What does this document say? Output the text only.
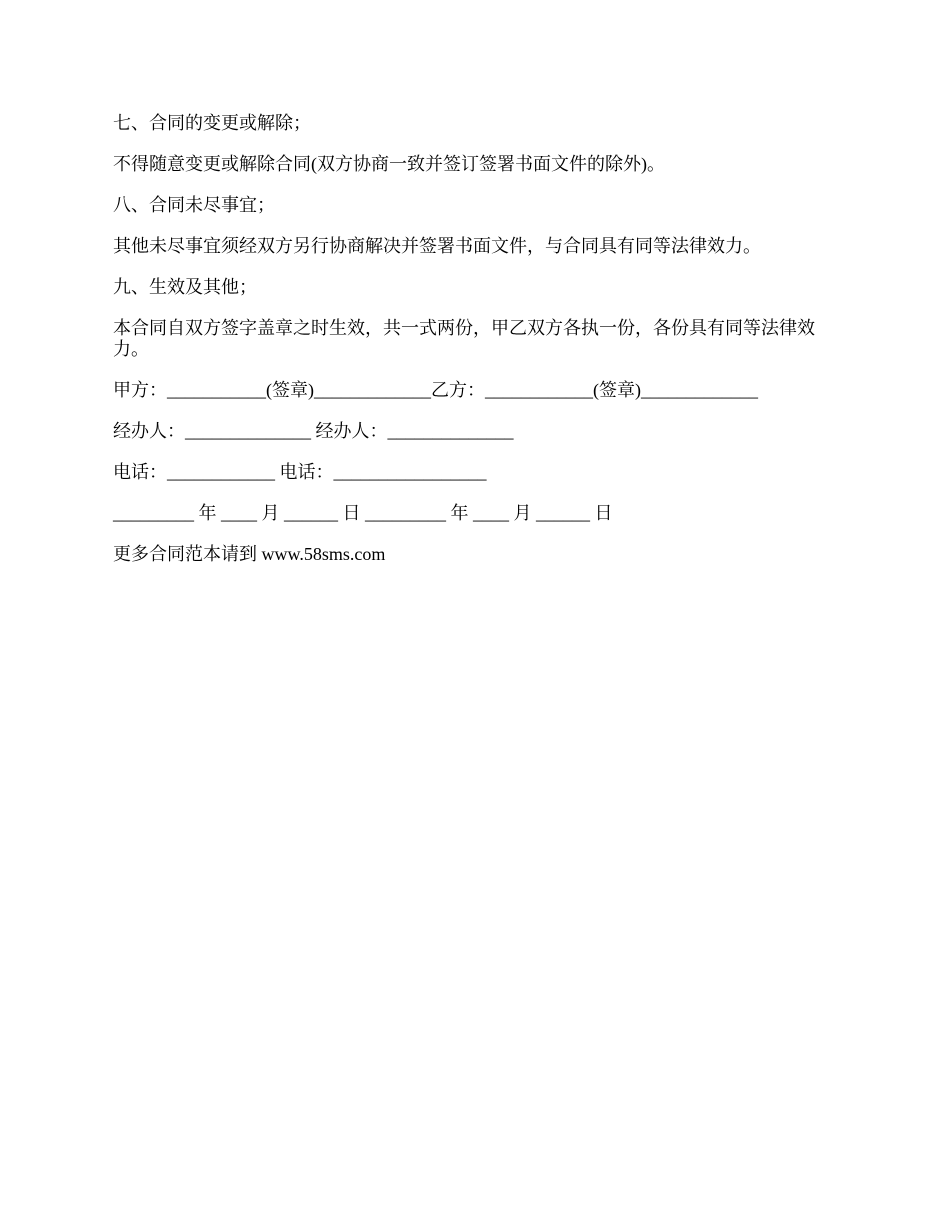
七、合同的变更或解除；

不得随意变更或解除合同(双方协商一致并签订签署书面文件的除外)。

八、合同未尽事宜；

其他未尽事宜须经双方另行协商解决并签署书面文件，与合同具有同等法律效力。

九、生效及其他；

本合同自双方签字盖章之时生效，共一式两份，甲乙双方各执一份，各份具有同等法律效
力。

甲方：___________(签章)_____________乙方：____________(签章)_____________

经办人：______________ 经办人：______________

电话：____________ 电话：_________________

_________ 年 ____ 月 ______ 日 _________ 年 ____ 月 ______ 日

更多合同范本请到 www.58sms.com
